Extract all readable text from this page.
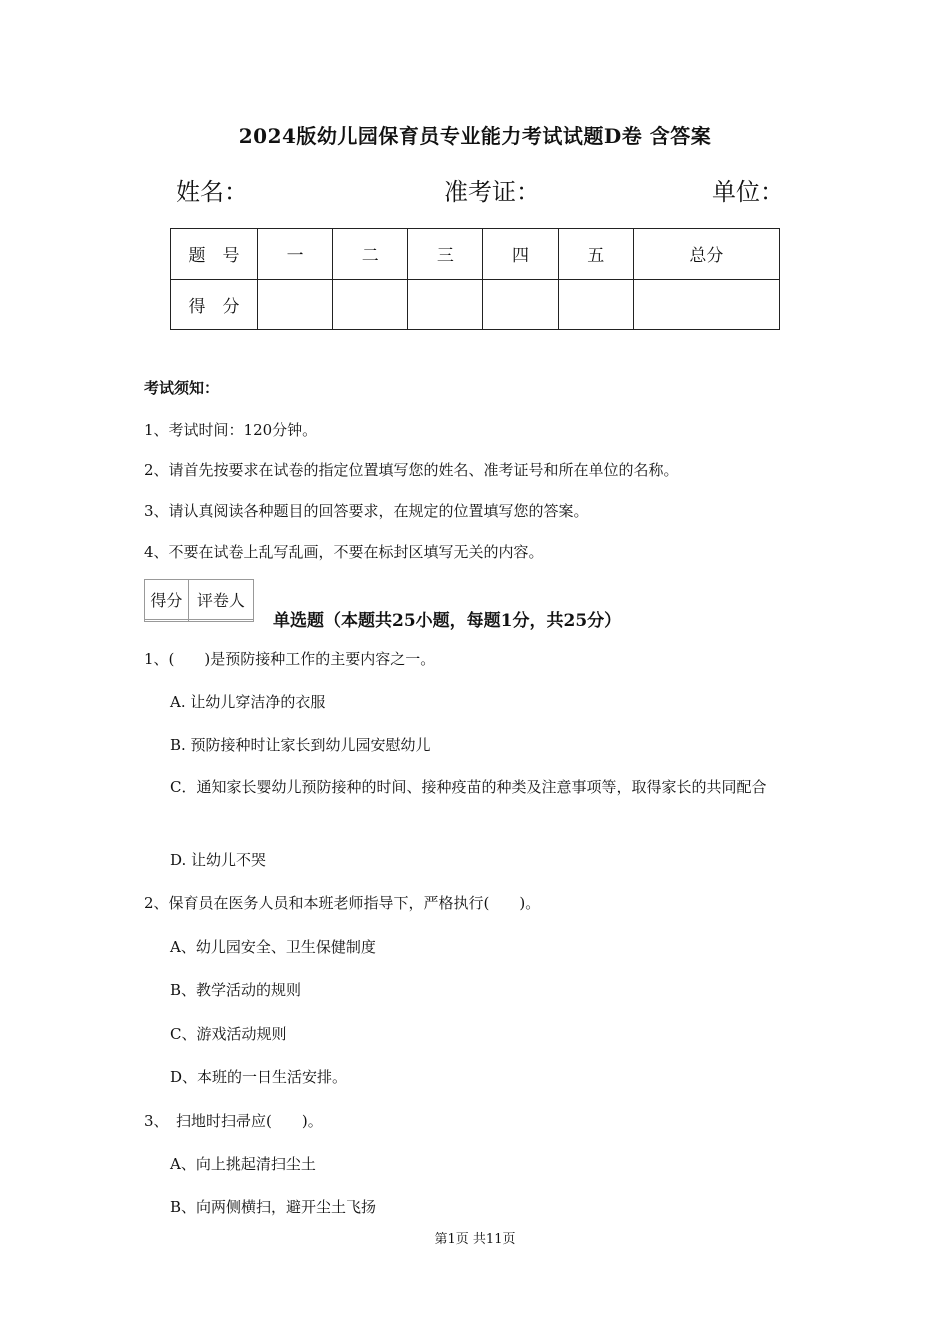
2024版幼儿园保育员专业能力考试试题D卷 含答案
姓名：	准考证：	单位：
题　号	一	二	三	四	五	总分
得　分						
考试须知：
1、考试时间：120分钟。
2、请首先按要求在试卷的指定位置填写您的姓名、准考证号和所在单位的名称。
3、请认真阅读各种题目的回答要求，在规定的位置填写您的答案。
4、不要在试卷上乱写乱画，不要在标封区填写无关的内容。
得分	评卷人

单选题（本题共25小题，每题1分，共25分）
1、(　　)是预防接种工作的主要内容之一。
A. 让幼儿穿洁净的衣服
B. 预防接种时让家长到幼儿园安慰幼儿
C．通知家长婴幼儿预防接种的时间、接种疫苗的种类及注意事项等，取得家长的共同配合
D. 让幼儿不哭
2、保育员在医务人员和本班老师指导下，严格执行(　　)。
A、幼儿园安全、卫生保健制度
B、教学活动的规则
C、游戏活动规则
D、本班的一日生活安排。
3、　扫地时扫帚应(　　)。
A、向上挑起清扫尘土
B、向两侧横扫，避开尘土飞扬
第1页 共11页
